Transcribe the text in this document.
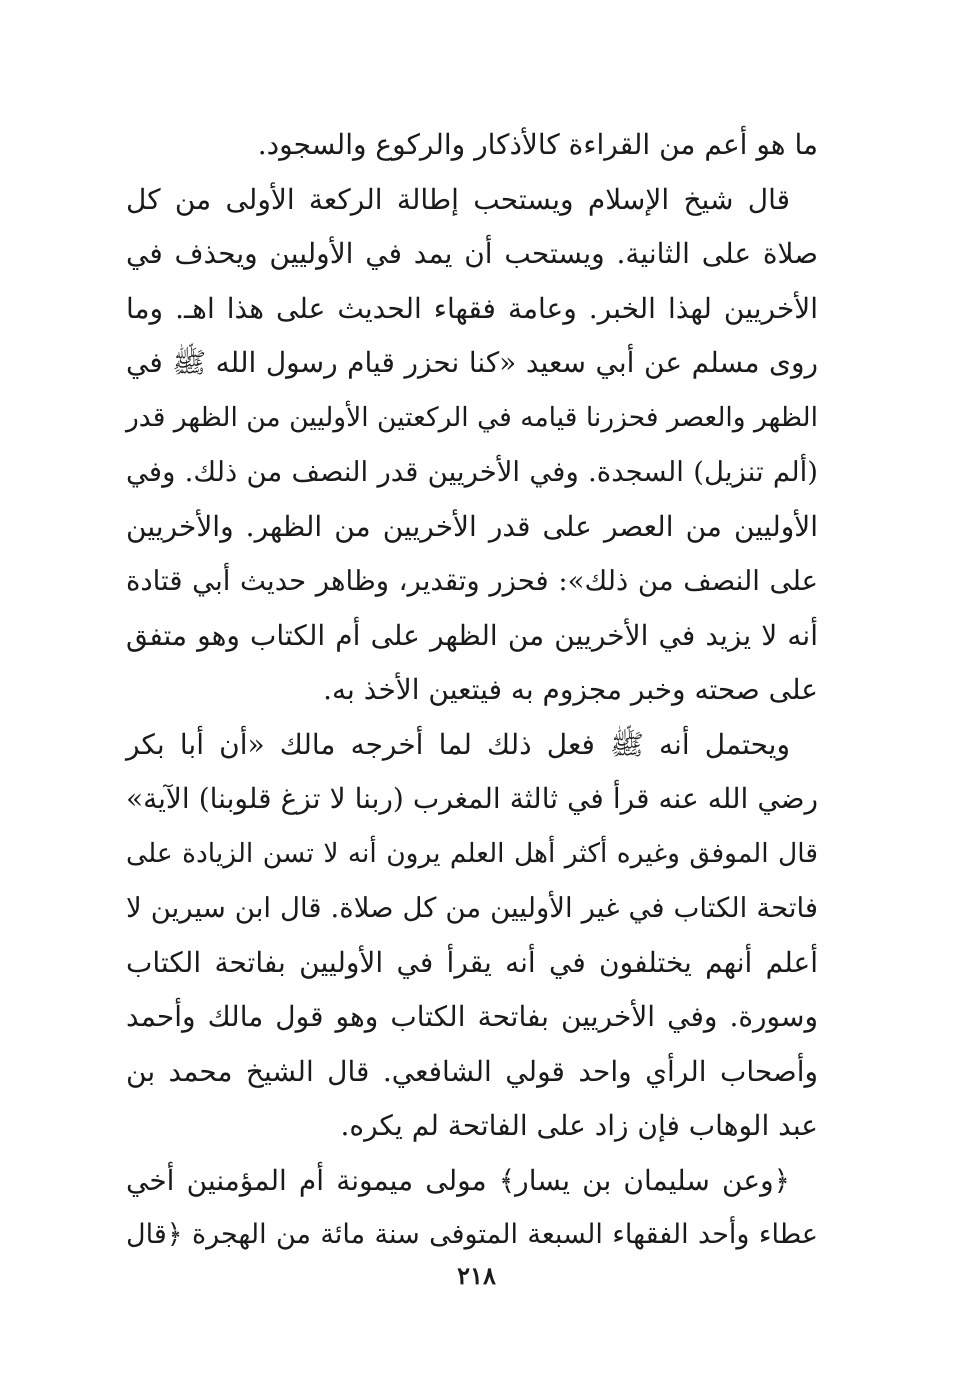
ما هو أعم من القراءة كالأذكار والركوع والسجود.
قال شيخ الإسلام ويستحب إطالة الركعة الأولى من كل
صلاة على الثانية. ويستحب أن يمد في الأوليين ويحذف في
الأخريين لهذا الخبر. وعامة فقهاء الحديث على هذا اهـ. وما
روى مسلم عن أبي سعيد «كنا نحزر قيام رسول الله ﷺ في
الظهر والعصر فحزرنا قيامه في الركعتين الأوليين من الظهر قدر
(ألم تنزيل) السجدة. وفي الأخريين قدر النصف من ذلك. وفي
الأوليين من العصر على قدر الأخريين من الظهر. والأخريين
على النصف من ذلك»: فحزر وتقدير، وظاهر حديث أبي قتادة
أنه لا يزيد في الأخريين من الظهر على أم الكتاب وهو متفق
على صحته وخبر مجزوم به فيتعين الأخذ به.
ويحتمل أنه ﷺ فعل ذلك لما أخرجه مالك «أن أبا بكر
رضي الله عنه قرأ في ثالثة المغرب (ربنا لا تزغ قلوبنا) الآية»
قال الموفق وغيره أكثر أهل العلم يرون أنه لا تسن الزيادة على
فاتحة الكتاب في غير الأوليين من كل صلاة. قال ابن سيرين لا
أعلم أنهم يختلفون في أنه يقرأ في الأوليين بفاتحة الكتاب
وسورة. وفي الأخريين بفاتحة الكتاب وهو قول مالك وأحمد
وأصحاب الرأي واحد قولي الشافعي. قال الشيخ محمد بن
عبد الوهاب فإن زاد على الفاتحة لم يكره.
﴿وعن سليمان بن يسار﴾ مولى ميمونة أم المؤمنين أخي
عطاء وأحد الفقهاء السبعة المتوفى سنة مائة من الهجرة ﴿قال
٢١٨
